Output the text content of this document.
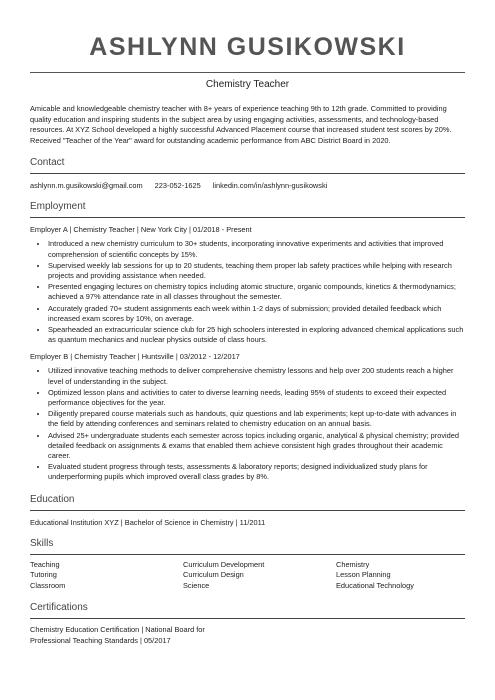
ASHLYNN GUSIKOWSKI
Chemistry Teacher

Amicable and knowledgeable chemistry teacher with 8+ years of experience teaching 9th to 12th grade. Committed to providing quality education and inspiring students in the subject area by using engaging activities, assessments, and technology-based resources. At XYZ School developed a highly successful Advanced Placement course that increased student test scores by 20%. Received "Teacher of the Year" award for outstanding academic performance from ABC District Board in 2020.

Contact
ashlynn.m.gusikowski@gmail.com 223-052-1625 linkedin.com/in/ashlynn-gusikowski
Employment
Employer A | Chemistry Teacher | New York City | 01/2018 - Present
• Introduced a new chemistry curriculum to 30+ students, incorporating innovative experiments and activities that improved comprehension of scientific concepts by 15%.
• Supervised weekly lab sessions for up to 20 students, teaching them proper lab safety practices while helping with research projects and providing assistance when needed.
• Presented engaging lectures on chemistry topics including atomic structure, organic compounds, kinetics & thermodynamics; achieved a 97% attendance rate in all classes throughout the semester.
• Accurately graded 70+ student assignments each week within 1-2 days of submission; provided detailed feedback which increased exam scores by 10%, on average.
• Spearheaded an extracurricular science club for 25 high schoolers interested in exploring advanced chemical applications such as quantum mechanics and nuclear physics outside of class hours.
Employer B | Chemistry Teacher | Huntsville | 03/2012 - 12/2017
• Utilized innovative teaching methods to deliver comprehensive chemistry lessons and help over 200 students reach a higher level of understanding in the subject.
• Optimized lesson plans and activities to cater to diverse learning needs, leading 95% of students to exceed their expected performance objectives for the year.
• Diligently prepared course materials such as handouts, quiz questions and lab experiments; kept up-to-date with advances in the field by attending conferences and seminars related to chemistry education on an annual basis.
• Advised 25+ undergraduate students each semester across topics including organic, analytical & physical chemistry; provided detailed feedback on assignments & exams that enabled them achieve consistent high grades throughout their academic career.
• Evaluated student progress through tests, assessments & laboratory reports; designed individualized study plans for underperforming pupils which improved overall class grades by 8%.
Education
Educational Institution XYZ | Bachelor of Science in Chemistry | 11/2011
Skills
Teaching	Curriculum Development	Chemistry
Tutoring	Curriculum Design	Lesson Planning
Classroom	Science	Educational Technology
Certifications
Chemistry Education Certification | National Board for Professional Teaching Standards | 05/2017
